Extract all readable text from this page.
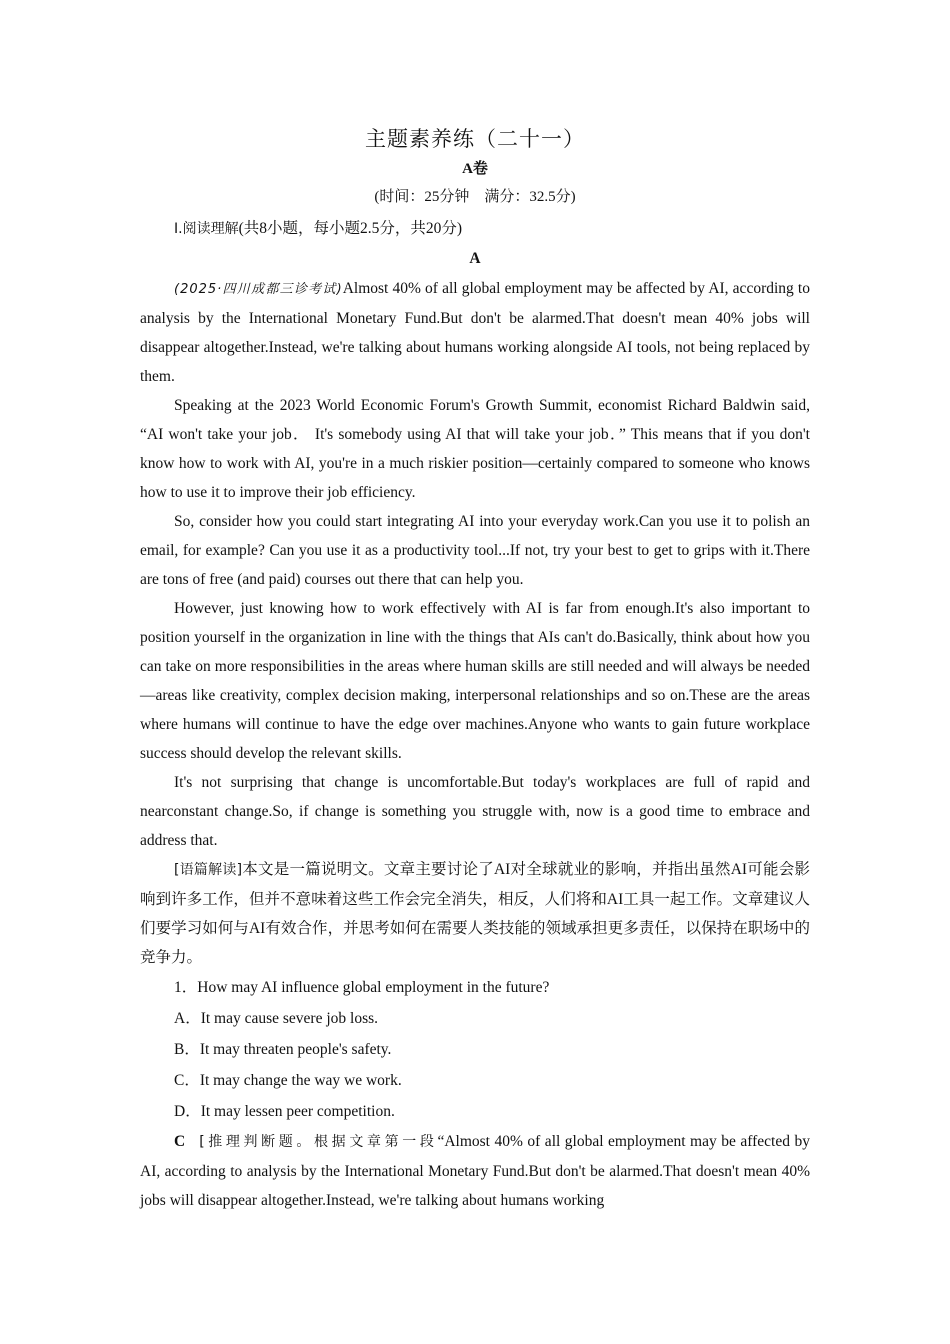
主题素养练（二十一）
A卷
(时间：25分钟　满分：32.5分)
Ⅰ.阅读理解(共8小题，每小题2.5分，共20分)
A

(2025·四川成都三诊考试)Almost 40% of all global employment may be affected by AI, according to analysis by the International Monetary Fund.But don't be alarmed.That doesn't mean 40% jobs will disappear altogether.Instead, we're talking about humans working alongside AI tools, not being replaced by them.

Speaking at the 2023 World Economic Forum's Growth Summit, economist Richard Baldwin said, “AI won't take your job． It's somebody using AI that will take your job．” This means that if you don't know how to work with AI, you're in a much riskier position—certainly compared to someone who knows how to use it to improve their job efficiency.

So, consider how you could start integrating AI into your everyday work.Can you use it to polish an email, for example? Can you use it as a productivity tool...If not, try your best to get to grips with it.There are tons of free (and paid) courses out there that can help you.

However, just knowing how to work effectively with AI is far from enough.It's also important to position yourself in the organization in line with the things that AIs can't do.Basically, think about how you can take on more responsibilities in the areas where human skills are still needed and will always be needed—areas like creativity, complex decision making, interpersonal relationships and so on.These are the areas where humans will continue to have the edge over machines.Anyone who wants to gain future workplace success should develop the relevant skills.

It's not surprising that change is uncomfortable.But today's workplaces are full of rapid and nearconstant change.So, if change is something you struggle with, now is a good time to embrace and address that.

[语篇解读]本文是一篇说明文。文章主要讨论了AI对全球就业的影响，并指出虽然AI可能会影响到许多工作，但并不意味着这些工作会完全消失，相反，人们将和AI工具一起工作。文章建议人们要学习如何与AI有效合作，并思考如何在需要人类技能的领域承担更多责任，以保持在职场中的竞争力。

1．How may AI influence global employment in the future?

A．It may cause severe job loss.

B．It may threaten people's safety.

C．It may change the way we work.

D．It may lessen peer competition.

C [推理判断题。根据文章第一段“Almost 40% of all global employment may be affected by AI, according to analysis by the International Monetary Fund.But don't be alarmed.That doesn't mean 40% jobs will disappear altogether.Instead, we're talking about humans working
